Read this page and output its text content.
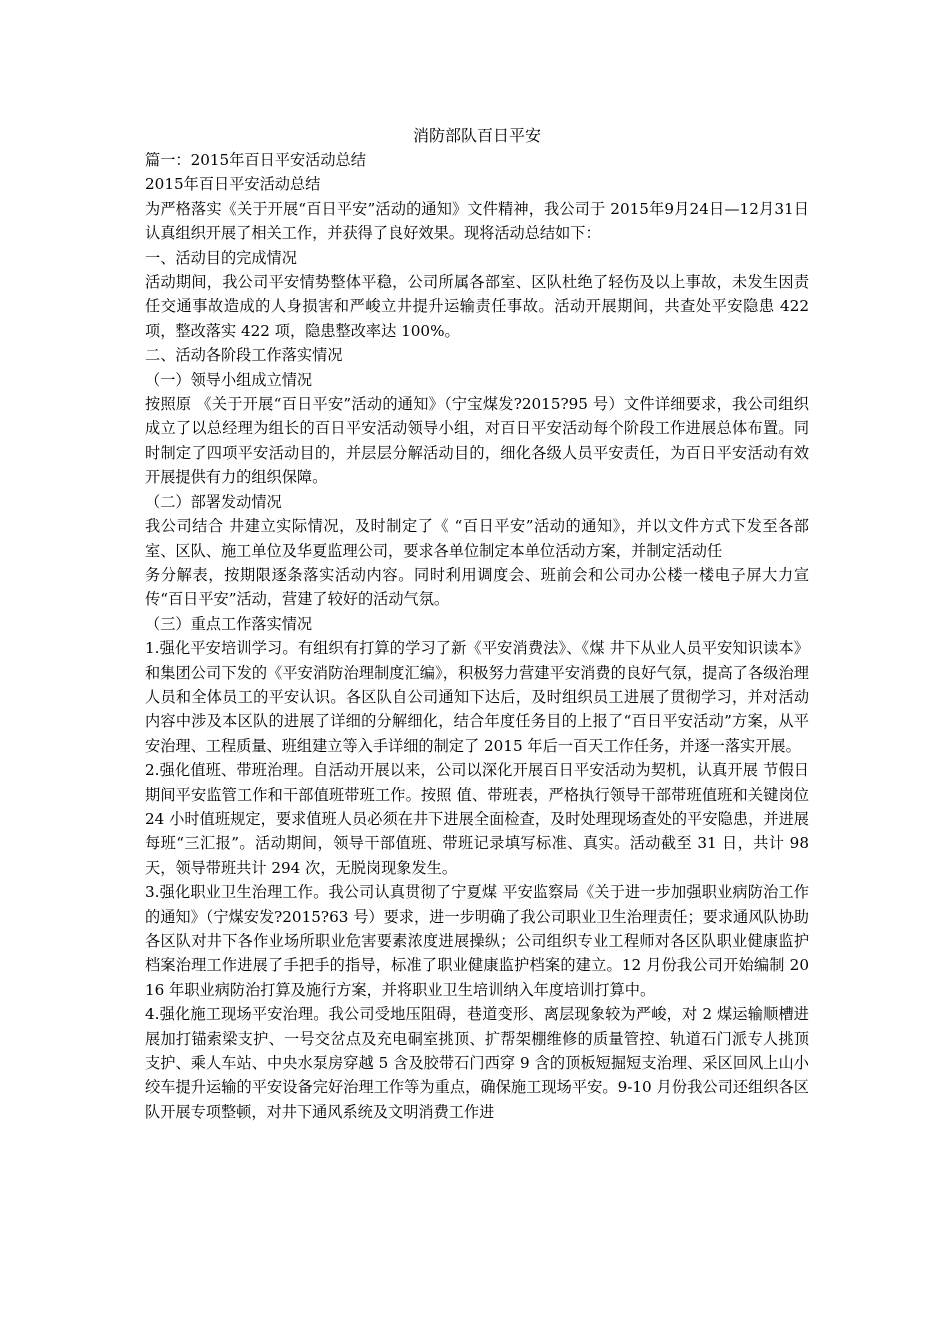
消防部队百日平安

篇一：2015年百日平安活动总结

2015年百日平安活动总结

为严格落实《关于开展“百日平安”活动的通知》文件精神，我公司于 2015年9月24日—12月31日认真组织开展了相关工作，并获得了良好效果。现将活动总结如下：

一、活动目的完成情况

活动期间，我公司平安情势整体平稳，公司所属各部室、区队杜绝了轻伤及以上事故，未发生因责任交通事故造成的人身损害和严峻立井提升运输责任事故。活动开展期间，共查处平安隐患 422 项，整改落实 422 项，隐患整改率达 100%。

二、活动各阶段工作落实情况

（一）领导小组成立情况

按照原 《关于开展“百日平安”活动的通知》（宁宝煤发?2015?95 号）文件详细要求，我公司组织成立了以总经理为组长的百日平安活动领导小组，对百日平安活动每个阶段工作进展总体布置。同时制定了四项平安活动目的，并层层分解活动目的，细化各级人员平安责任，为百日平安活动有效开展提供有力的组织保障。

（二）部署发动情况

我公司结合 井建立实际情况，及时制定了《 “百日平安”活动的通知》，并以文件方式下发至各部室、区队、施工单位及华夏监理公司，要求各单位制定本单位活动方案，并制定活动任

务分解表，按期限逐条落实活动内容。同时利用调度会、班前会和公司办公楼一楼电子屏大力宣传“百日平安”活动，营建了较好的活动气氛。

（三）重点工作落实情况

1.强化平安培训学习。有组织有打算的学习了新《平安消费法》、《煤 井下从业人员平安知识读本》和集团公司下发的《平安消防治理制度汇编》，积极努力营建平安消费的良好气氛，提高了各级治理人员和全体员工的平安认识。各区队自公司通知下达后，及时组织员工进展了贯彻学习，并对活动内容中涉及本区队的进展了详细的分解细化，结合年度任务目的上报了“百日平安活动”方案，从平安治理、工程质量、班组建立等入手详细的制定了 2015 年后一百天工作任务，并逐一落实开展。

2.强化值班、带班治理。自活动开展以来，公司以深化开展百日平安活动为契机，认真开展 节假日期间平安监管工作和干部值班带班工作。按照 值、带班表，严格执行领导干部带班值班和关键岗位 24 小时值班规定，要求值班人员必须在井下进展全面检查，及时处理现场查处的平安隐患，并进展每班“三汇报”。活动期间，领导干部值班、带班记录填写标准、真实。活动截至 31 日，共计 98 天，领导带班共计 294 次，无脱岗现象发生。

3.强化职业卫生治理工作。我公司认真贯彻了宁夏煤 平安监察局《关于进一步加强职业病防治工作的通知》（宁煤安发?2015?63 号）要求，进一步明确了我公司职业卫生治理责任；要求通风队协助各区队对井下各作业场所职业危害要素浓度进展操纵；公司组织专业工程师对各区队职业健康监护档案治理工作进展了手把手的指导，标准了职业健康监护档案的建立。12 月份我公司开始编制 2016 年职业病防治打算及施行方案，并将职业卫生培训纳入年度培训打算中。

4.强化施工现场平安治理。我公司受地压阻碍，巷道变形、离层现象较为严峻，对 2 煤运输顺槽进展加打锚索梁支护、一号交岔点及充电硐室挑顶、扩帮架棚维修的质量管控、轨道石门派专人挑顶支护、乘人车站、中央水泵房穿越 5 含及胶带石门西穿 9 含的顶板短掘短支治理、采区回风上山小绞车提升运输的平安设备完好治理工作等为重点，确保施工现场平安。9-10 月份我公司还组织各区队开展专项整顿，对井下通风系统及文明消费工作进
